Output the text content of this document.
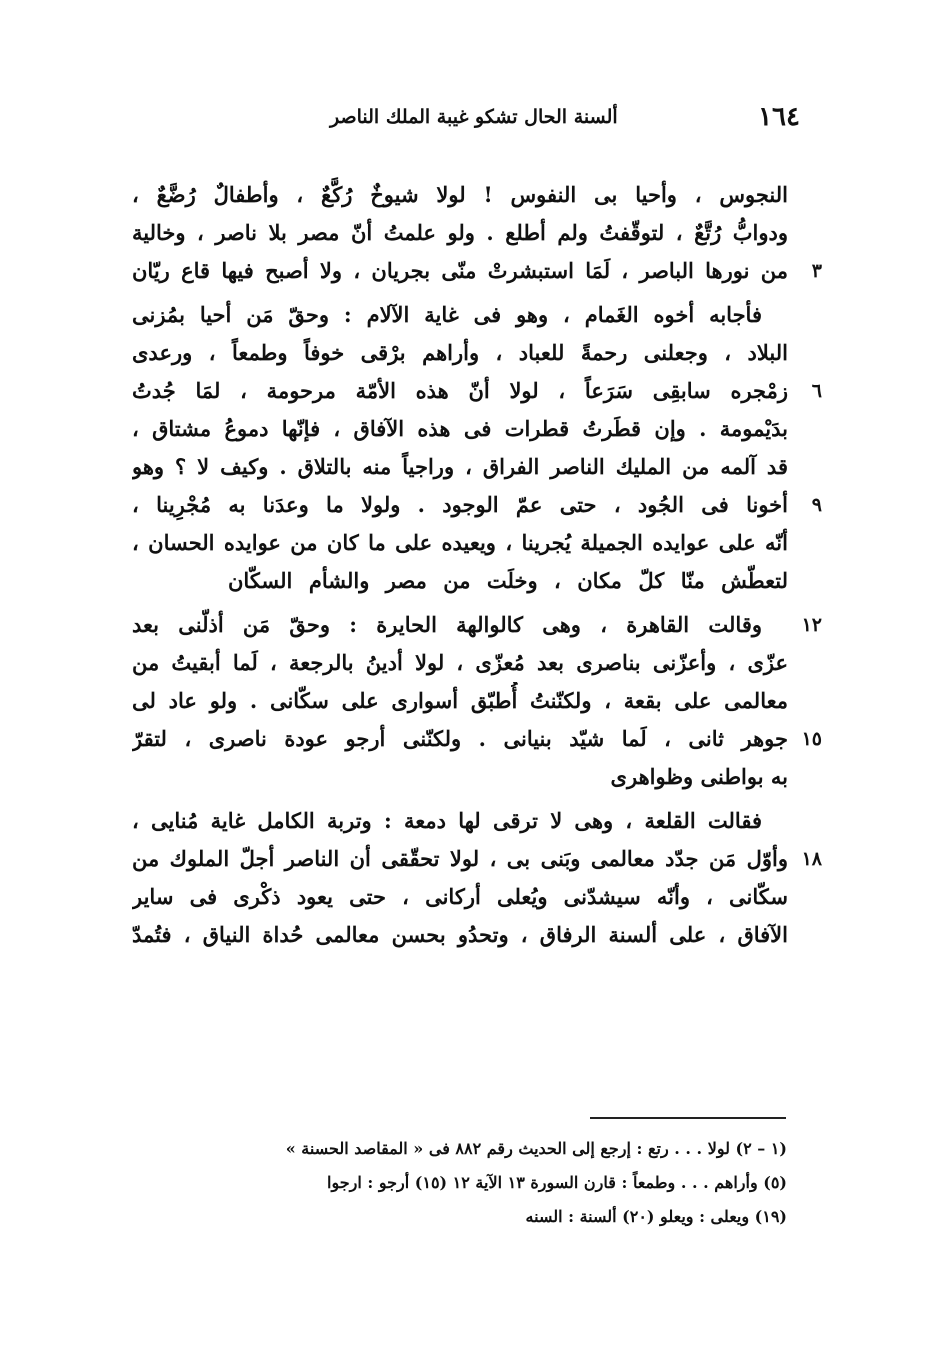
١٦٤
ألسنة الحال تشكو غيبة الملك الناصر
النجوس ، وأحيا بى النفوس ! لولا شيوخٌ رُكَّعٌ ، وأطفالٌ رُضَّعٌ ،
ودوابُّ رُتَّعٌ ، لتوقّفتُ ولم أطلع . ولو علمتُ أنّ مصر بلا ناصر ، وخالية
٣
من نورها الباصر ، لَمَا استبشرتْ منّى بجريان ، ولا أصبح فيها قاع ريّان
فأجابه أخوه الغَمام ، وهو فى غاية الآلام : وحقّ مَن أحيا بمُزنى
البلاد ، وجعلنى رحمةً للعباد ، وأراهم برْقى خوفاً وطمعاً ، ورعدى
٦
زمْجره سابقِى سَرَعاً ، لولا أنّ هذه الأمّة مرحومة ، لمَا جُدتُ
بدَيْمومة . وإن قطَرتُ قطرات فى هذه الآفاق ، فإنّها دموعُ مشتاق ،
قد آلمه من المليك الناصر الفراق ، وراجياً منه بالتلاق . وكيف لا ؟ وهو
٩
أخونا فى الجُود ، حتى عمّ الوجود . ولولا ما وعدَنا به مُجْرِينا ،
أنّه على عوايده الجميلة يُجرينا ، ويعيده على ما كان من عوايده الحسان ،
لتعطّش منّا كلّ مكان ، وخلَت من مصر والشأم السكّان
١٢
وقالت القاهرة ، وهى كالوالهة الحايرة : وحقّ مَن أذلّنى بعد
عزّى ، وأعزّنى بناصرى بعد مُعزّى ، لولا أدينُ بالرجعة ، لَما أبقيتُ من
معالمى على بقعة ، ولكنّنتُ أُطبّق أسوارى على سكّانى . ولو عاد لى
١٥
جوهر ثانى ، لَما شيّد بنيانى . ولكنّنى أرجو عودة ناصرى ، لتقرّ
به بواطنى وظواهرى
فقالت القلعة ، وهى لا ترقى لها دمعة : وتربة الكامل غاية مُنايى ،
١٨
وأوّل مَن جدّد معالمى وبَنى بى ، لولا تحقّقى أن الناصر أجلّ الملوك من
سكّانى ، وأنّه سيشدّنى ويُعلى أركانى ، حتى يعود ذكْرى فى ساير
الآفاق ، على ألسنة الرفاق ، وتحدُو بحسن معالمى حُداة النياق ، فتُمدّ
(١ – ٢) لولا . . . رتع : إرجع إلى الحديث رقم ٨٨٢ فى « المقاصد الحسنة »
(٥) وأراهم . . . وطمعاً : قارن السورة ١٣ الآية ١٢ (١٥) أرجو : ارجوا
(١٩) ويعلى : ويعلو (٢٠) ألسنة : السنه
